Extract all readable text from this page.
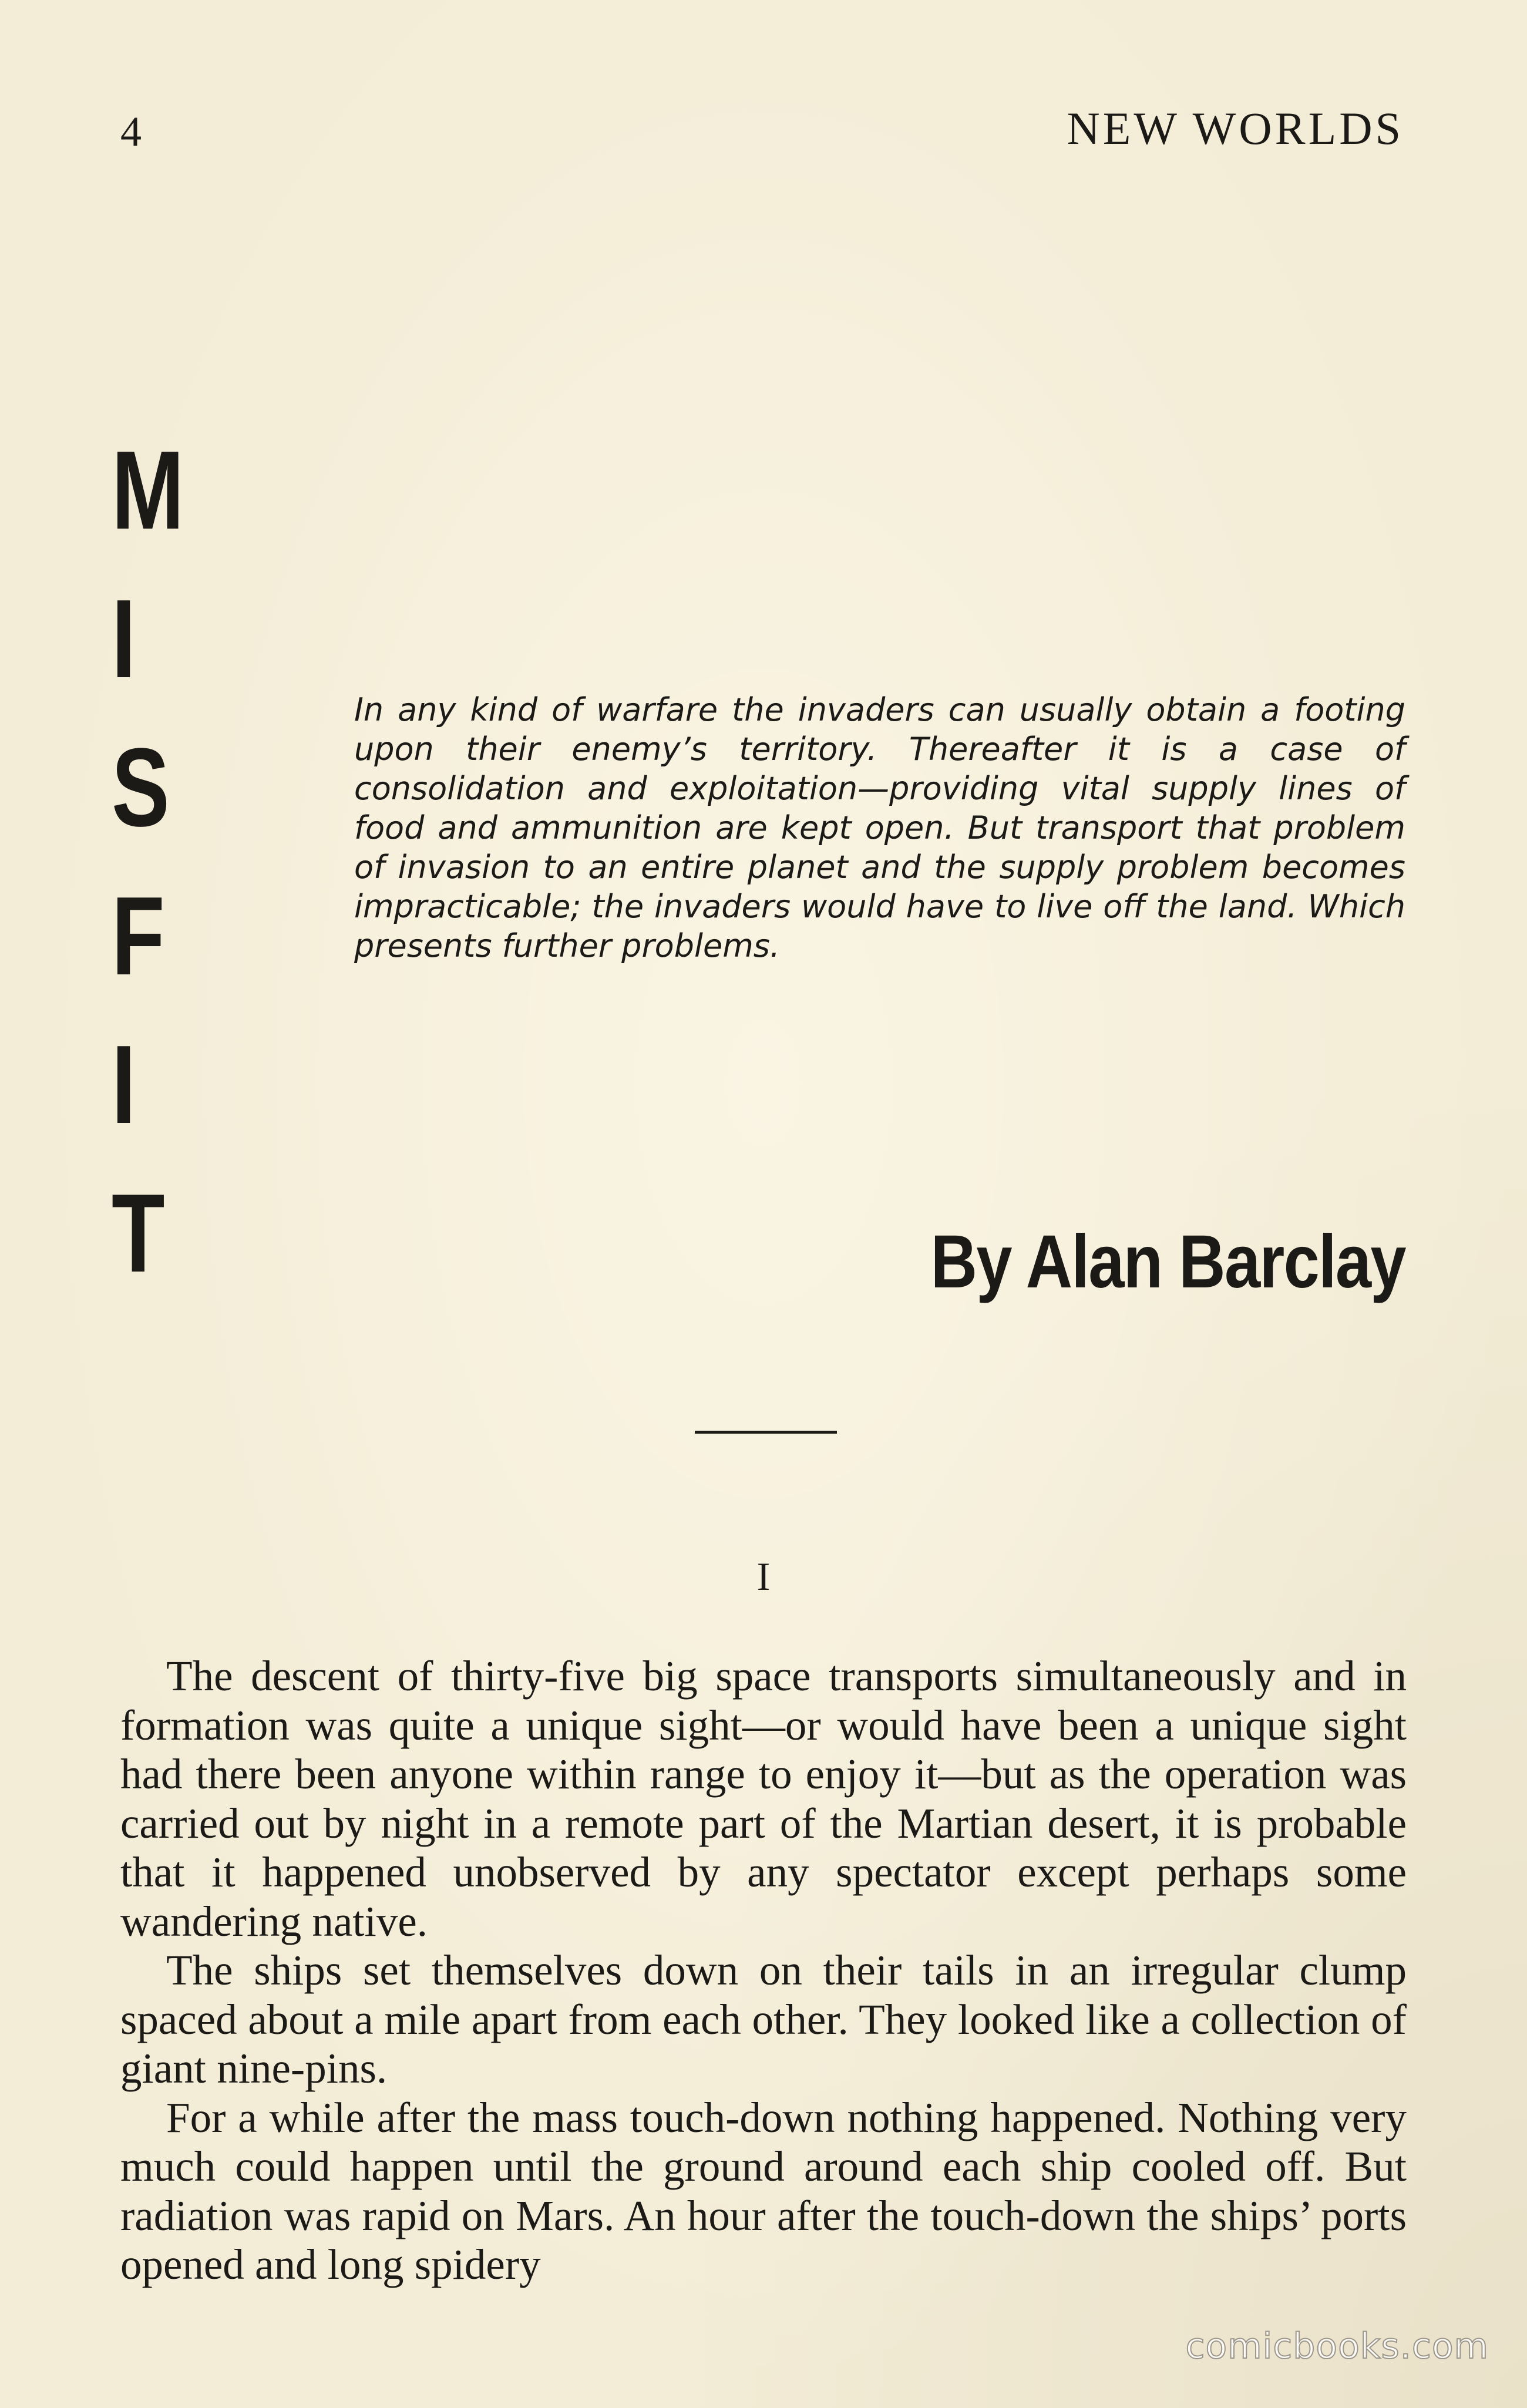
4	NEW WORLDS
M
I
S
F
I
T

In any kind of warfare the invaders can usually obtain a footing upon their enemy’s territory. Thereafter it is a case of consolidation and exploitation—providing vital supply lines of food and ammunition are kept open. But transport that problem of invasion to an entire planet and the supply problem becomes impracticable; the invaders would have to live off the land. Which presents further problems.

By Alan Barclay
I

The descent of thirty-five big space transports simultaneously and in formation was quite a unique sight—or would have been a unique sight had there been anyone within range to enjoy it—but as the operation was carried out by night in a remote part of the Martian desert, it is probable that it happened unobserved by any spectator except perhaps some wandering native.

The ships set themselves down on their tails in an irregular clump spaced about a mile apart from each other. They looked like a collection of giant nine-pins.

For a while after the mass touch-down nothing happened. Nothing very much could happen until the ground around each ship cooled off. But radiation was rapid on Mars. An hour after the touch-down the ships’ ports opened and long spidery

comicbooks.com
